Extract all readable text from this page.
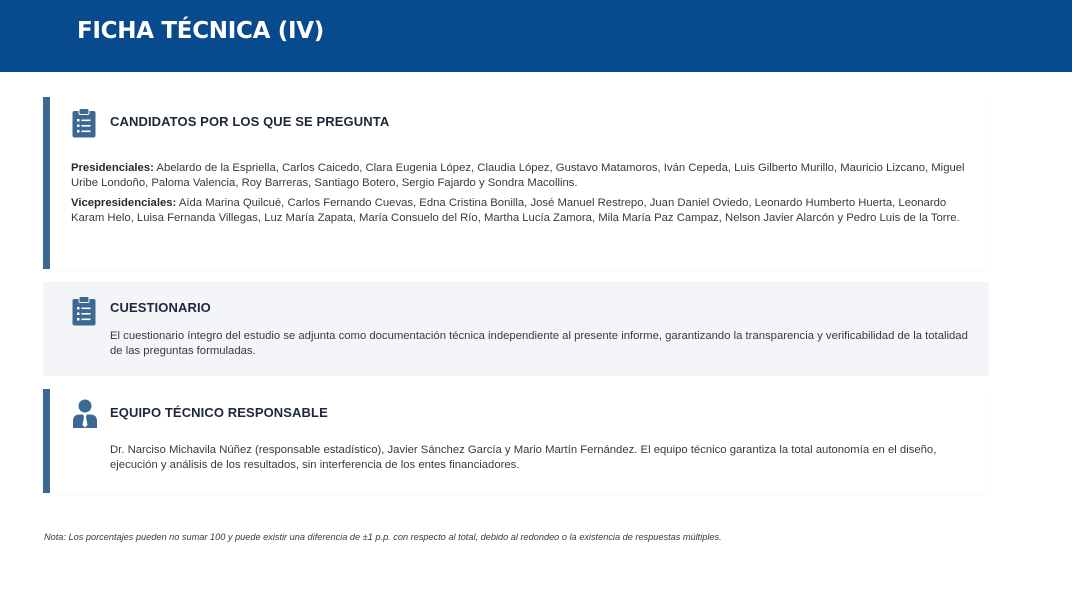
FICHA TÉCNICA (IV)
CANDIDATOS POR LOS QUE SE PREGUNTA

Presidenciales: Abelardo de la Espriella, Carlos Caicedo, Clara Eugenia López, Claudia López, Gustavo Matamoros, Iván Cepeda, Luis Gilberto Murillo, Mauricio Lizcano, Miguel Uribe Londoño, Paloma Valencia, Roy Barreras, Santiago Botero, Sergio Fajardo y Sondra Macollins.

Vicepresidenciales: Aída Marina Quilcué, Carlos Fernando Cuevas, Edna Cristina Bonilla, José Manuel Restrepo, Juan Daniel Oviedo, Leonardo Humberto Huerta, Leonardo Karam Helo, Luisa Fernanda Villegas, Luz María Zapata, María Consuelo del Río, Martha Lucía Zamora, Mila María Paz Campaz, Nelson Javier Alarcón y Pedro Luis de la Torre.

CUESTIONARIO

El cuestionario íntegro del estudio se adjunta como documentación técnica independiente al presente informe, garantizando la transparencia y verificabilidad de la totalidad de las preguntas formuladas.

EQUIPO TÉCNICO RESPONSABLE

Dr. Narciso Michavila Núñez (responsable estadístico), Javier Sánchez García y Mario Martín Fernández. El equipo técnico garantiza la total autonomía en el diseño, ejecución y análisis de los resultados, sin interferencia de los entes financiadores.

Nota: Los porcentajes pueden no sumar 100 y puede existir una diferencia de ±1 p.p. con respecto al total, debido al redondeo o la existencia de respuestas múltiples.
